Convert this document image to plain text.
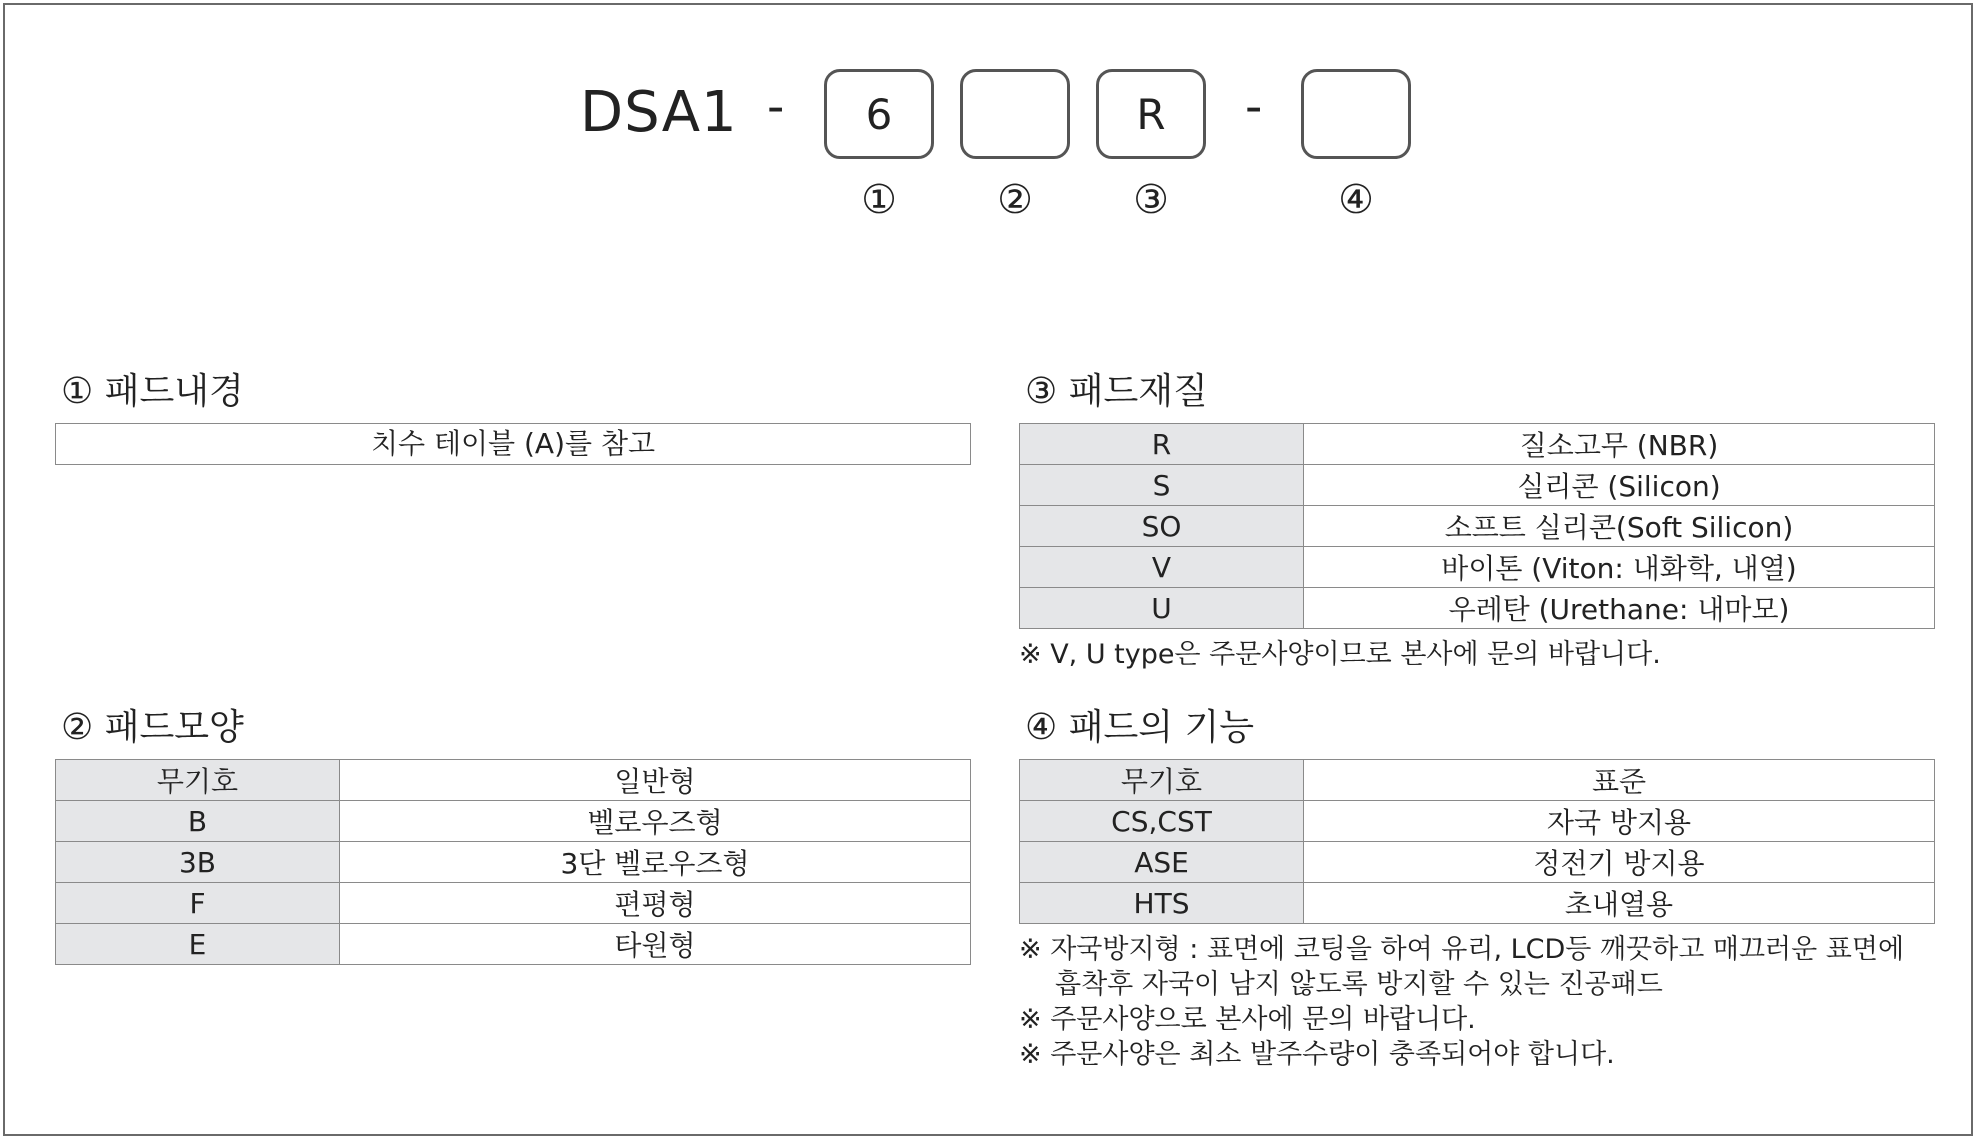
DSA1 -	6	R	-
①	②	③	④
① 패드내경
치수 테이블 (A)를 참고
③ 패드재질
R	질소고무 (NBR)
S	실리콘 (Silicon)
SO	소프트 실리콘(Soft Silicon)
V	바이톤 (Viton: 내화학, 내열)
U	우레탄 (Urethane: 내마모)
※ V, U type은 주문사양이므로 본사에 문의 바랍니다.
② 패드모양
무기호	일반형
B	벨로우즈형
3B	3단 벨로우즈형
F	편평형
E	타원형
④ 패드의 기능
무기호	표준
CS,CST	자국 방지용
ASE	정전기 방지용
HTS	초내열용
※ 자국방지형 : 표면에 코팅을 하여 유리, LCD등 깨끗하고 매끄러운 표면에
흡착후 자국이 남지 않도록 방지할 수 있는 진공패드
※ 주문사양으로 본사에 문의 바랍니다.
※ 주문사양은 최소 발주수량이 충족되어야 합니다.
